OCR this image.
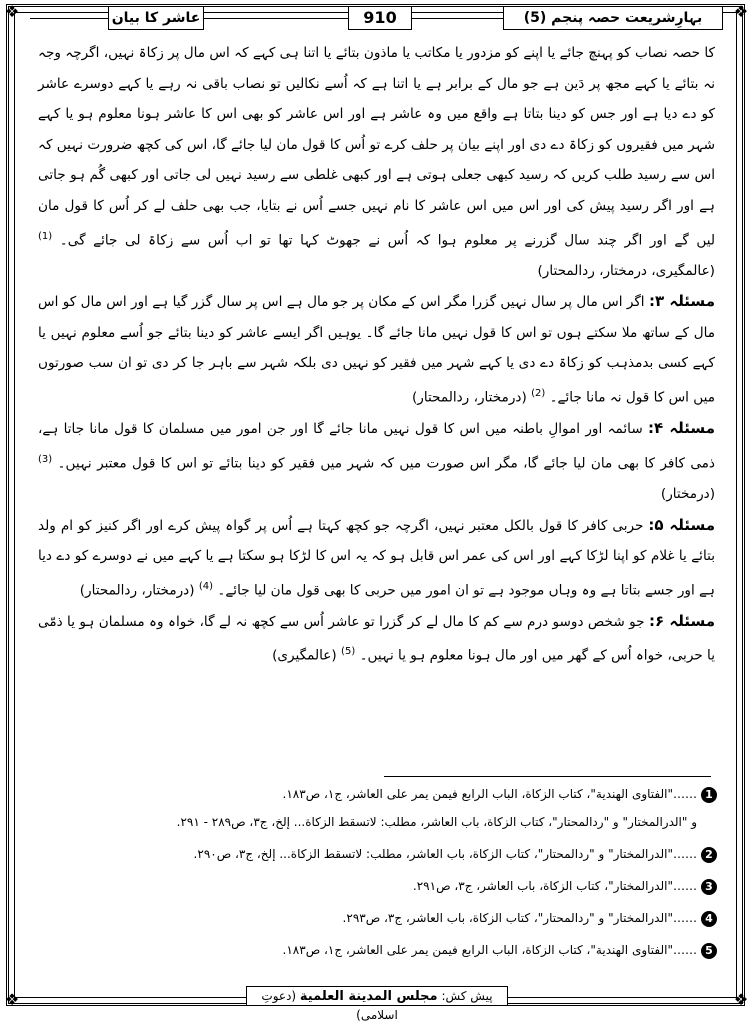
❖	❖
❖	❖
بہارِشریعت حصہ پنجم (5)
910
عاشر کا بیان

کا حصہ نصاب کو پہنچ جائے یا اپنے کو مزدور یا مکاتب یا ماذون بتائے یا اتنا ہی کہے کہ اس مال پر زکاۃ نہیں، اگرچہ وجہ نہ بتائے یا کہے مجھ پر دَین ہے جو مال کے برابر ہے یا اتنا ہے کہ اُسے نکالیں تو نصاب باقی نہ رہے یا کہے دوسرے عاشر کو دے دیا ہے اور جس کو دینا بتاتا ہے واقع میں وہ عاشر ہے اور اس عاشر کو بھی اس کا عاشر ہونا معلوم ہو یا کہے شہر میں فقیروں کو زکاۃ دے دی اور اپنے بیان پر حلف کرے تو اُس کا قول مان لیا جائے گا، اس کی کچھ ضرورت نہیں کہ اس سے رسید طلب کریں کہ رسید کبھی جعلی ہوتی ہے اور کبھی غلطی سے رسید نہیں لی جاتی اور کبھی گُم ہو جاتی ہے اور اگر رسید پیش کی اور اس میں اس عاشر کا نام نہیں جسے اُس نے بتایا، جب بھی حلف لے کر اُس کا قول مان لیں گے اور اگر چند سال گزرنے پر معلوم ہوا کہ اُس نے جھوٹ کہا تھا تو اب اُس سے زکاۃ لی جائے گی۔ $^{(1)}$ (عالمگیری، درمختار، ردالمحتار)

مسئلہ ۳: اگر اس مال پر سال نہیں گزرا مگر اس کے مکان پر جو مال ہے اس پر سال گزر گیا ہے اور اس مال کو اس مال کے ساتھ ملا سکتے ہوں تو اس کا قول نہیں مانا جائے گا۔ یوہیں اگر ایسے عاشر کو دینا بتائے جو اُسے معلوم نہیں یا کہے کسی بدمذہب کو زکاۃ دے دی یا کہے شہر میں فقیر کو نہیں دی بلکہ شہر سے باہر جا کر دی تو ان سب صورتوں میں اس کا قول نہ مانا جائے۔ $^{(2)}$ (درمختار، ردالمحتار)

مسئلہ ۴: سائمہ اور اموالِ باطنہ میں اس کا قول نہیں مانا جائے گا اور جن امور میں مسلمان کا قول مانا جاتا ہے، ذمی کافر کا بھی مان لیا جائے گا، مگر اس صورت میں کہ شہر میں فقیر کو دینا بتائے تو اس کا قول معتبر نہیں۔ $^{(3)}$ (درمختار)

مسئلہ ۵: حربی کافر کا قول بالکل معتبر نہیں، اگرچہ جو کچھ کہتا ہے اُس پر گواہ پیش کرے اور اگر کنیز کو ام ولد بتائے یا غلام کو اپنا لڑکا کہے اور اس کی عمر اس قابل ہو کہ یہ اس کا لڑکا ہو سکتا ہے یا کہے میں نے دوسرے کو دے دیا ہے اور جسے بتاتا ہے وہ وہاں موجود ہے تو ان امور میں حربی کا بھی قول مان لیا جائے۔ $^{(4)}$ (درمختار، ردالمحتار)

مسئلہ ۶: جو شخص دوسو درم سے کم کا مال لے کر گزرا تو عاشر اُس سے کچھ نہ لے گا، خواہ وہ مسلمان ہو یا ذمّی یا حربی، خواہ اُس کے گھر میں اور مال ہونا معلوم ہو یا نہیں۔ $^{(5)}$ (عالمگیری)

1……"الفتاوى الهندية"، كتاب الزكاة، الباب الرابع فيمن يمر على العاشر، ج١، ص١٨٣.
و "الدرالمختار" و "ردالمحتار"، كتاب الزكاة، باب العاشر، مطلب: لاتسقط الزكاة... إلخ، ج٣، ص٢٨٩ - ٢٩١.
2……"الدرالمختار" و "ردالمحتار"، كتاب الزكاة، باب العاشر، مطلب: لاتسقط الزكاة... إلخ، ج٣، ص٢٩٠.
3……"الدرالمختار"، كتاب الزكاة، باب العاشر، ج٣، ص٢٩١.
4……"الدرالمختار" و "ردالمحتار"، كتاب الزكاة، باب العاشر، ج٣، ص٢٩٣.
5……"الفتاوى الهندية"، كتاب الزكاة، الباب الرابع فيمن يمر على العاشر، ج١، ص١٨٣.
پیش کش: مجلس المدينة العلمية (دعوتِ اسلامی)
